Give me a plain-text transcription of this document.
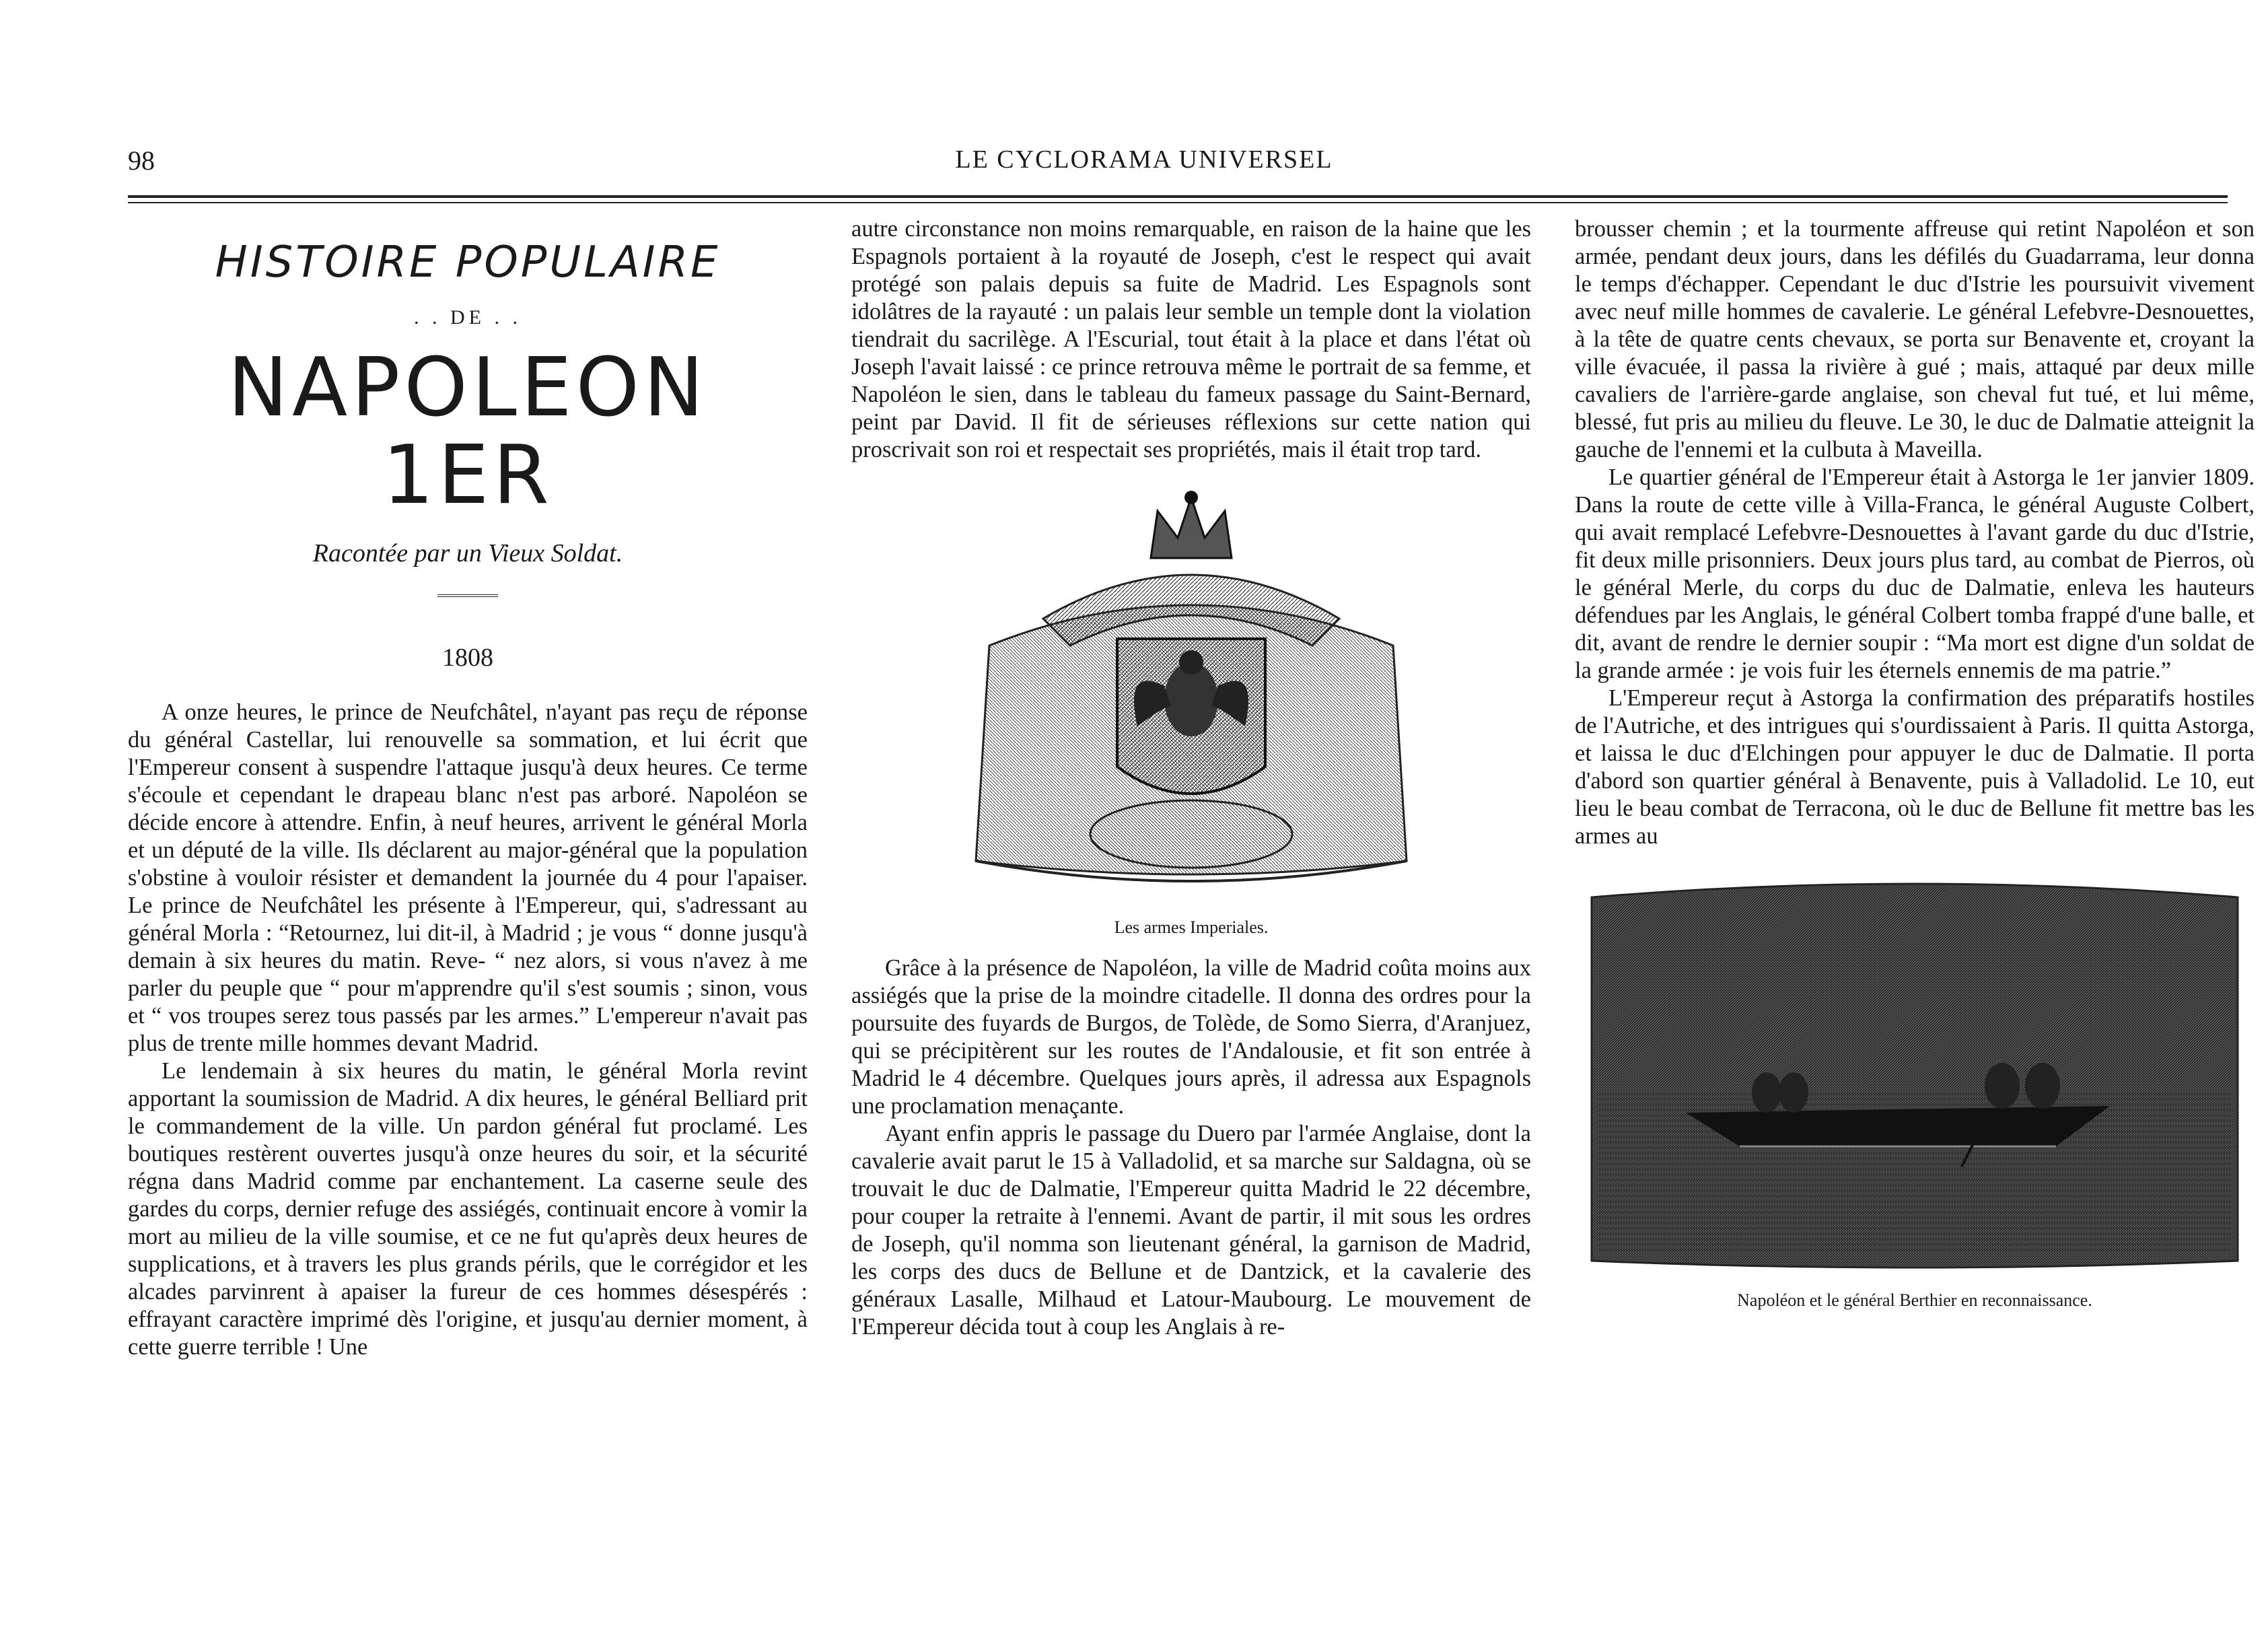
98	LE CYCLORAMA UNIVERSEL
HISTOIRE POPULAIRE
. . DE . .
NAPOLEON 1ER
Racontée par un Vieux Soldat.
1808

A onze heures, le prince de Neufchâtel, n'ayant pas reçu de réponse du général Castellar, lui renouvelle sa sommation, et lui écrit que l'Empereur consent à suspendre l'attaque jusqu'à deux heures. Ce terme s'écoule et cependant le drapeau blanc n'est pas arboré. Napoléon se décide encore à attendre. Enfin, à neuf heures, arrivent le général Morla et un député de la ville. Ils déclarent au major-général que la population s'obstine à vouloir résister et demandent la journée du 4 pour l'apaiser. Le prince de Neufchâtel les présente à l'Empereur, qui, s'adressant au général Morla : “Retournez, lui dit-il, à Madrid ; je vous “ donne jusqu'à demain à six heures du matin. Reve- “ nez alors, si vous n'avez à me parler du peuple que “ pour m'apprendre qu'il s'est soumis ; sinon, vous et “ vos troupes serez tous passés par les armes.” L'empereur n'avait pas plus de trente mille hommes devant Madrid.

Le lendemain à six heures du matin, le général Morla revint apportant la soumission de Madrid. A dix heures, le général Belliard prit le commandement de la ville. Un pardon général fut proclamé. Les boutiques restèrent ouvertes jusqu'à onze heures du soir, et la sécurité régna dans Madrid comme par enchantement. La caserne seule des gardes du corps, dernier refuge des assiégés, continuait encore à vomir la mort au milieu de la ville soumise, et ce ne fut qu'après deux heures de supplications, et à travers les plus grands périls, que le corrégidor et les alcades parvinrent à apaiser la fureur de ces hommes désespérés : effrayant caractère imprimé dès l'origine, et jusqu'au dernier moment, à cette guerre terrible ! Une

autre circonstance non moins remarquable, en raison de la haine que les Espagnols portaient à la royauté de Joseph, c'est le respect qui avait protégé son palais depuis sa fuite de Madrid. Les Espagnols sont idolâtres de la rayauté : un palais leur semble un temple dont la violation tiendrait du sacrilège. A l'Escurial, tout était à la place et dans l'état où Joseph l'avait laissé : ce prince retrouva même le portrait de sa femme, et Napoléon le sien, dans le tableau du fameux passage du Saint-Bernard, peint par David. Il fit de sérieuses réflexions sur cette nation qui proscrivait son roi et respectait ses propriétés, mais il était trop tard.

Les armes Imperiales.

Grâce à la présence de Napoléon, la ville de Madrid coûta moins aux assiégés que la prise de la moindre citadelle. Il donna des ordres pour la poursuite des fuyards de Burgos, de Tolède, de Somo Sierra, d'Aranjuez, qui se précipitèrent sur les routes de l'Andalousie, et fit son entrée à Madrid le 4 décembre. Quelques jours après, il adressa aux Espagnols une proclamation menaçante.

Ayant enfin appris le passage du Duero par l'armée Anglaise, dont la cavalerie avait parut le 15 à Valladolid, et sa marche sur Saldagna, où se trouvait le duc de Dalmatie, l'Empereur quitta Madrid le 22 décembre, pour couper la retraite à l'ennemi. Avant de partir, il mit sous les ordres de Joseph, qu'il nomma son lieutenant général, la garnison de Madrid, les corps des ducs de Bellune et de Dantzick, et la cavalerie des généraux Lasalle, Milhaud et Latour-Maubourg. Le mouvement de l'Empereur décida tout à coup les Anglais à re-

brousser chemin ; et la tourmente affreuse qui retint Napoléon et son armée, pendant deux jours, dans les défilés du Guadarrama, leur donna le temps d'échapper. Cependant le duc d'Istrie les poursuivit vivement avec neuf mille hommes de cavalerie. Le général Lefebvre-Desnouettes, à la tête de quatre cents chevaux, se porta sur Benavente et, croyant la ville évacuée, il passa la rivière à gué ; mais, attaqué par deux mille cavaliers de l'arrière-garde anglaise, son cheval fut tué, et lui même, blessé, fut pris au milieu du fleuve. Le 30, le duc de Dalmatie atteignit la gauche de l'ennemi et la culbuta à Maveilla.

Le quartier général de l'Empereur était à Astorga le 1er janvier 1809. Dans la route de cette ville à Villa-Franca, le général Auguste Colbert, qui avait remplacé Lefebvre-Desnouettes à l'avant garde du duc d'Istrie, fit deux mille prisonniers. Deux jours plus tard, au combat de Pierros, où le général Merle, du corps du duc de Dalmatie, enleva les hauteurs défendues par les Anglais, le général Colbert tomba frappé d'une balle, et dit, avant de rendre le dernier soupir : “Ma mort est digne d'un soldat de la grande armée : je vois fuir les éternels ennemis de ma patrie.”

L'Empereur reçut à Astorga la confirmation des préparatifs hostiles de l'Autriche, et des intrigues qui s'ourdissaient à Paris. Il quitta Astorga, et laissa le duc d'Elchingen pour appuyer le duc de Dalmatie. Il porta d'abord son quartier général à Benavente, puis à Valladolid. Le 10, eut lieu le beau combat de Terracona, où le duc de Bellune fit mettre bas les armes au

Napoléon et le général Berthier en reconnaissance.
